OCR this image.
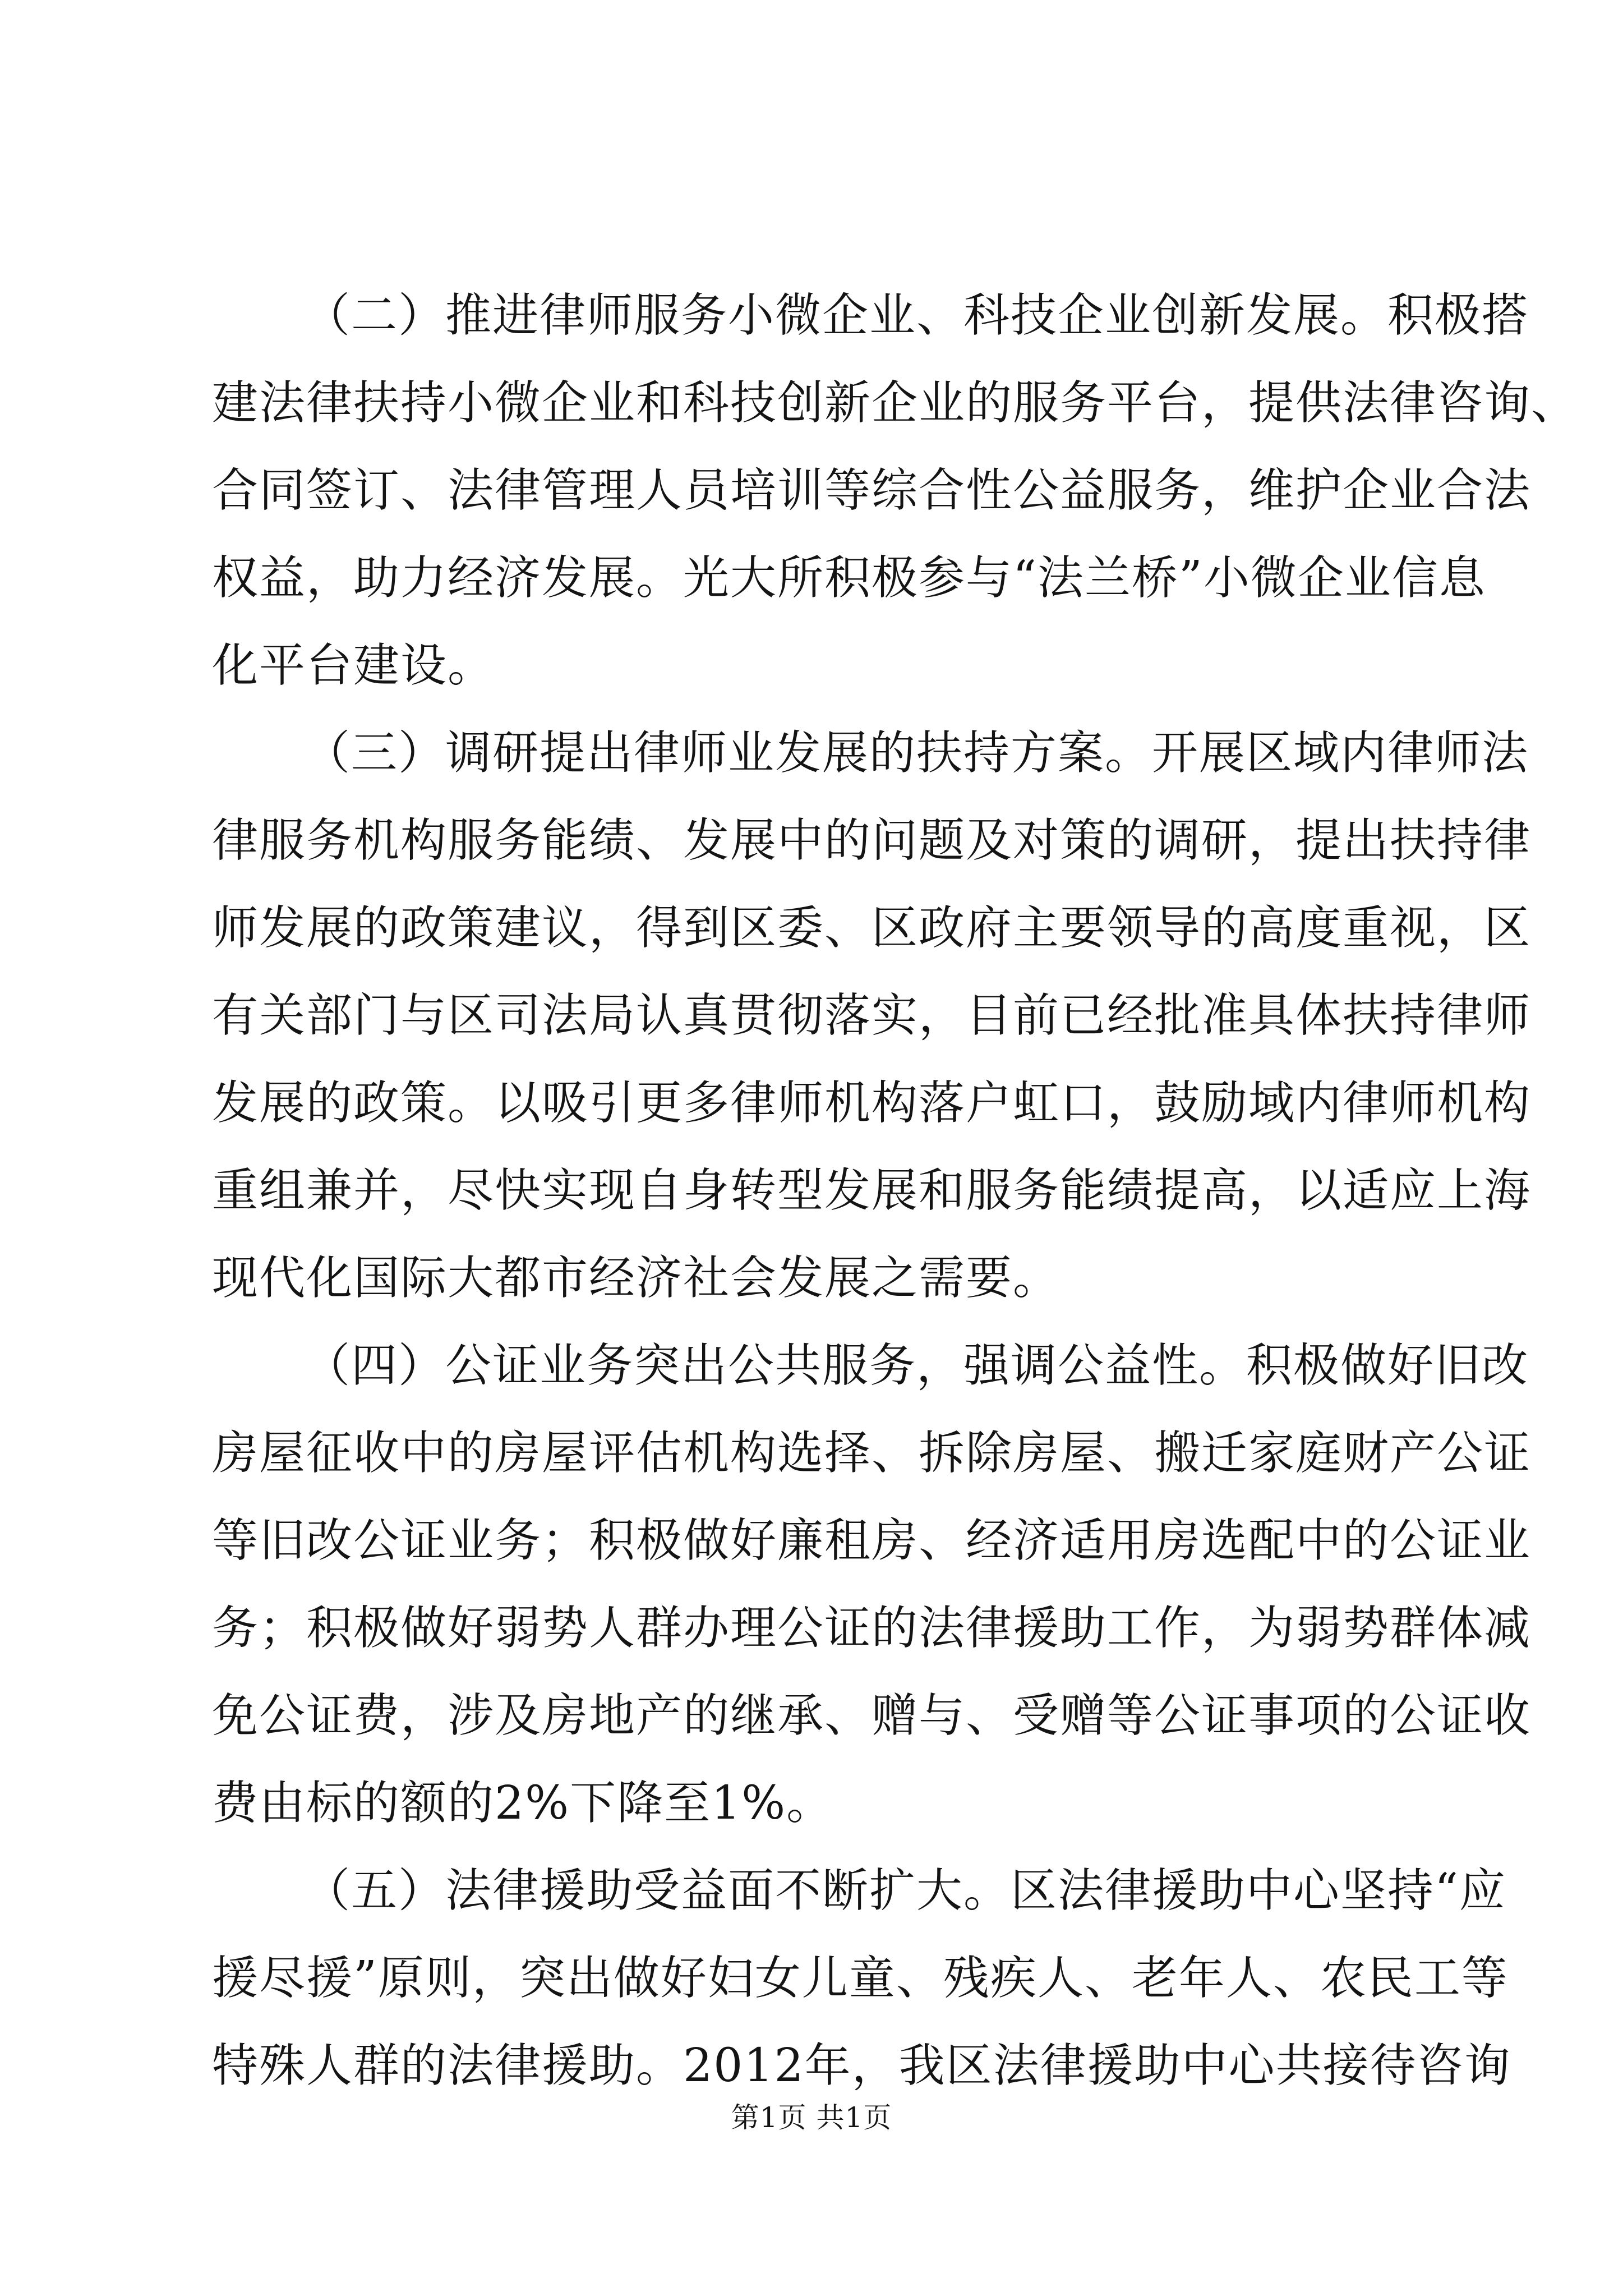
（二）推进律师服务小微企业、科技企业创新发展。积极搭
建法律扶持小微企业和科技创新企业的服务平台，提供法律咨询、
合同签订、法律管理人员培训等综合性公益服务，维护企业合法
权益，助力经济发展。光大所积极参与“法兰桥”小微企业信息
化平台建设。
（三）调研提出律师业发展的扶持方案。开展区域内律师法
律服务机构服务能绩、发展中的问题及对策的调研，提出扶持律
师发展的政策建议，得到区委、区政府主要领导的高度重视，区
有关部门与区司法局认真贯彻落实，目前已经批准具体扶持律师
发展的政策。以吸引更多律师机构落户虹口，鼓励域内律师机构
重组兼并，尽快实现自身转型发展和服务能绩提高，以适应上海
现代化国际大都市经济社会发展之需要。
（四）公证业务突出公共服务，强调公益性。积极做好旧改
房屋征收中的房屋评估机构选择、拆除房屋、搬迁家庭财产公证
等旧改公证业务；积极做好廉租房、经济适用房选配中的公证业
务；积极做好弱势人群办理公证的法律援助工作，为弱势群体减
免公证费，涉及房地产的继承、赠与、受赠等公证事项的公证收
费由标的额的2%下降至1%。
（五）法律援助受益面不断扩大。区法律援助中心坚持“应
援尽援”原则，突出做好妇女儿童、残疾人、老年人、农民工等
特殊人群的法律援助。2012年，我区法律援助中心共接待咨询
第1页 共1页
